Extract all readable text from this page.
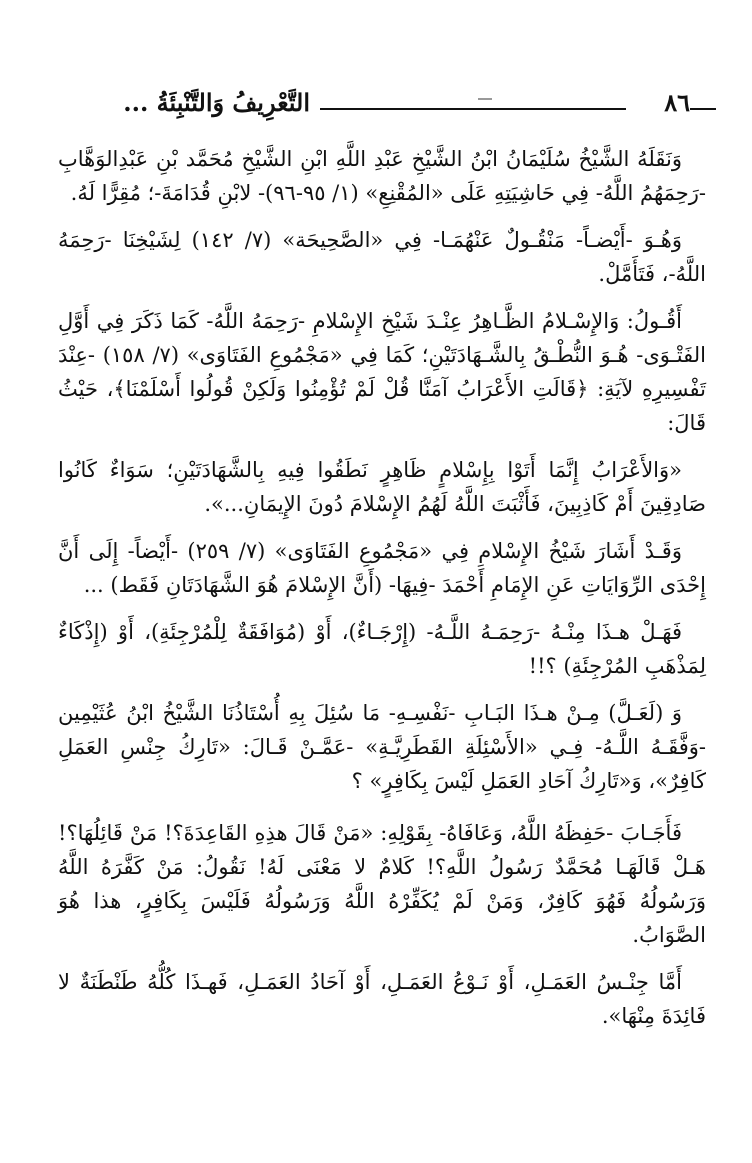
٨٦
التَّعْرِيفُ وَالتَّنْبِئَةُ ...

وَنَقَلَهُ الشَّيْخُ سُلَيْمَانُ ابْنُ الشَّيْخِ عَبْدِ اللَّهِ ابْنِ الشَّيْخِ مُحَمَّد بْنِ عَبْدِالوَهَّابِ -رَحِمَهُمُ اللَّهُ- فِي حَاشِيَتِهِ عَلَى «المُقْنِعِ» (١/ ٩٥-٩٦)- لابْنِ قُدَامَةَ-؛ مُقِرًّا لَهُ.

وَهُـوَ -أَيْضـاً- مَنْقُـولٌ عَنْهُمَـا- فِي «الصَّحِيحَة» (٧/ ١٤٢) لِشَيْخِنَا -رَحِمَهُ اللَّهُ-، فَتَأَمَّلْ.

أَقُـولُ: وَالإِسْـلامُ الظَّـاهِرُ عِنْـدَ شَيْخِ الإِسْلامِ -رَحِمَهُ اللَّهُ- كَمَا ذَكَرَ فِي أَوَّلِ الفَتْـوَى- هُـوَ النُّطْـقُ بِالشَّـهَادَتَيْنِ؛ كَمَا فِي «مَجْمُوعِ الفَتَاوَى» (٧/ ١٥٨) -عِنْدَ تَفْسِيرِهِ لآيَةِ: ﴿قَالَتِ الأَعْرَابُ آمَنَّا قُلْ لَمْ تُؤْمِنُوا وَلَكِنْ قُولُوا أَسْلَمْنَا﴾، حَيْثُ قَالَ:

«وَالأَعْرَابُ إِنَّمَا أَتَوْا بِإِسْلامٍ ظَاهِرٍ نَطَقُوا فِيهِ بِالشَّهَادَتَيْنِ؛ سَوَاءٌ كَانُوا صَادِقِينَ أَمْ كَاذِبِينَ، فَأَثْبَتَ اللَّهُ لَهُمُ الإِسْلامَ دُونَ الإِيمَانِ...».

وَقَـدْ أَشَارَ شَيْخُ الإِسْلامِ فِي «مَجْمُوعِ الفَتَاوَى» (٧/ ٢٥٩) -أَيْضاً- إِلَى أَنَّ إِحْدَى الرِّوَايَاتِ عَنِ الإِمَامِ أَحْمَدَ -فِيهَا- (أَنَّ الإِسْلامَ هُوَ الشَّهَادَتَانِ فَقَط) ...

فَهَـلْ هـذَا مِنْـهُ -رَحِمَـهُ اللَّـهُ- (إِرْجَـاءٌ)، أَوْ (مُوَافَقَةٌ لِلْمُرْجِئَةِ)، أَوْ (إِذْكَاءٌ لِمَذْهَبِ المُرْجِئَةِ) ؟!!

وَ (لَعَـلَّ) مِـنْ هـذَا البَـابِ -نَفْسِـهِ- مَا سُئِلَ بِهِ أُسْتَاذُنَا الشَّيْخُ ابْنُ عُثَيْمِين -وَفَّقَـهُ اللَّـهُ- فِـي «الأَسْئِلَةِ القَطَرِيَّـةِ» -عَمَّـنْ قَـالَ: «تَارِكُ جِنْسِ العَمَلِ كَافِرٌ»، وَ«تَارِكُ آحَادِ العَمَلِ لَيْسَ بِكَافِرٍ» ؟

فَأَجَـابَ -حَفِظَهُ اللَّهُ، وَعَافَاهُ- بِقَوْلِهِ: «مَنْ قَالَ هذِهِ القَاعِدَةَ؟! مَنْ قَائِلُهَا؟! هَـلْ قَالَهَـا مُحَمَّدٌ رَسُولُ اللَّهِ؟! كَلامٌ لا مَعْنَى لَهُ! نَقُولُ: مَنْ كَفَّرَهُ اللَّهُ وَرَسُولُهُ فَهُوَ كَافِرٌ، وَمَنْ لَمْ يُكَفِّرْهُ اللَّهُ وَرَسُولُهُ فَلَيْسَ بِكَافِرٍ، هذا هُوَ الصَّوَابُ.

أَمَّا جِنْـسُ العَمَـلِ، أَوْ نَـوْعُ العَمَـلِ، أَوْ آحَادُ العَمَـلِ، فَهـذَا كُلُّهُ طَنْطَنَةٌ لا فَائِدَةَ مِنْهَا».
